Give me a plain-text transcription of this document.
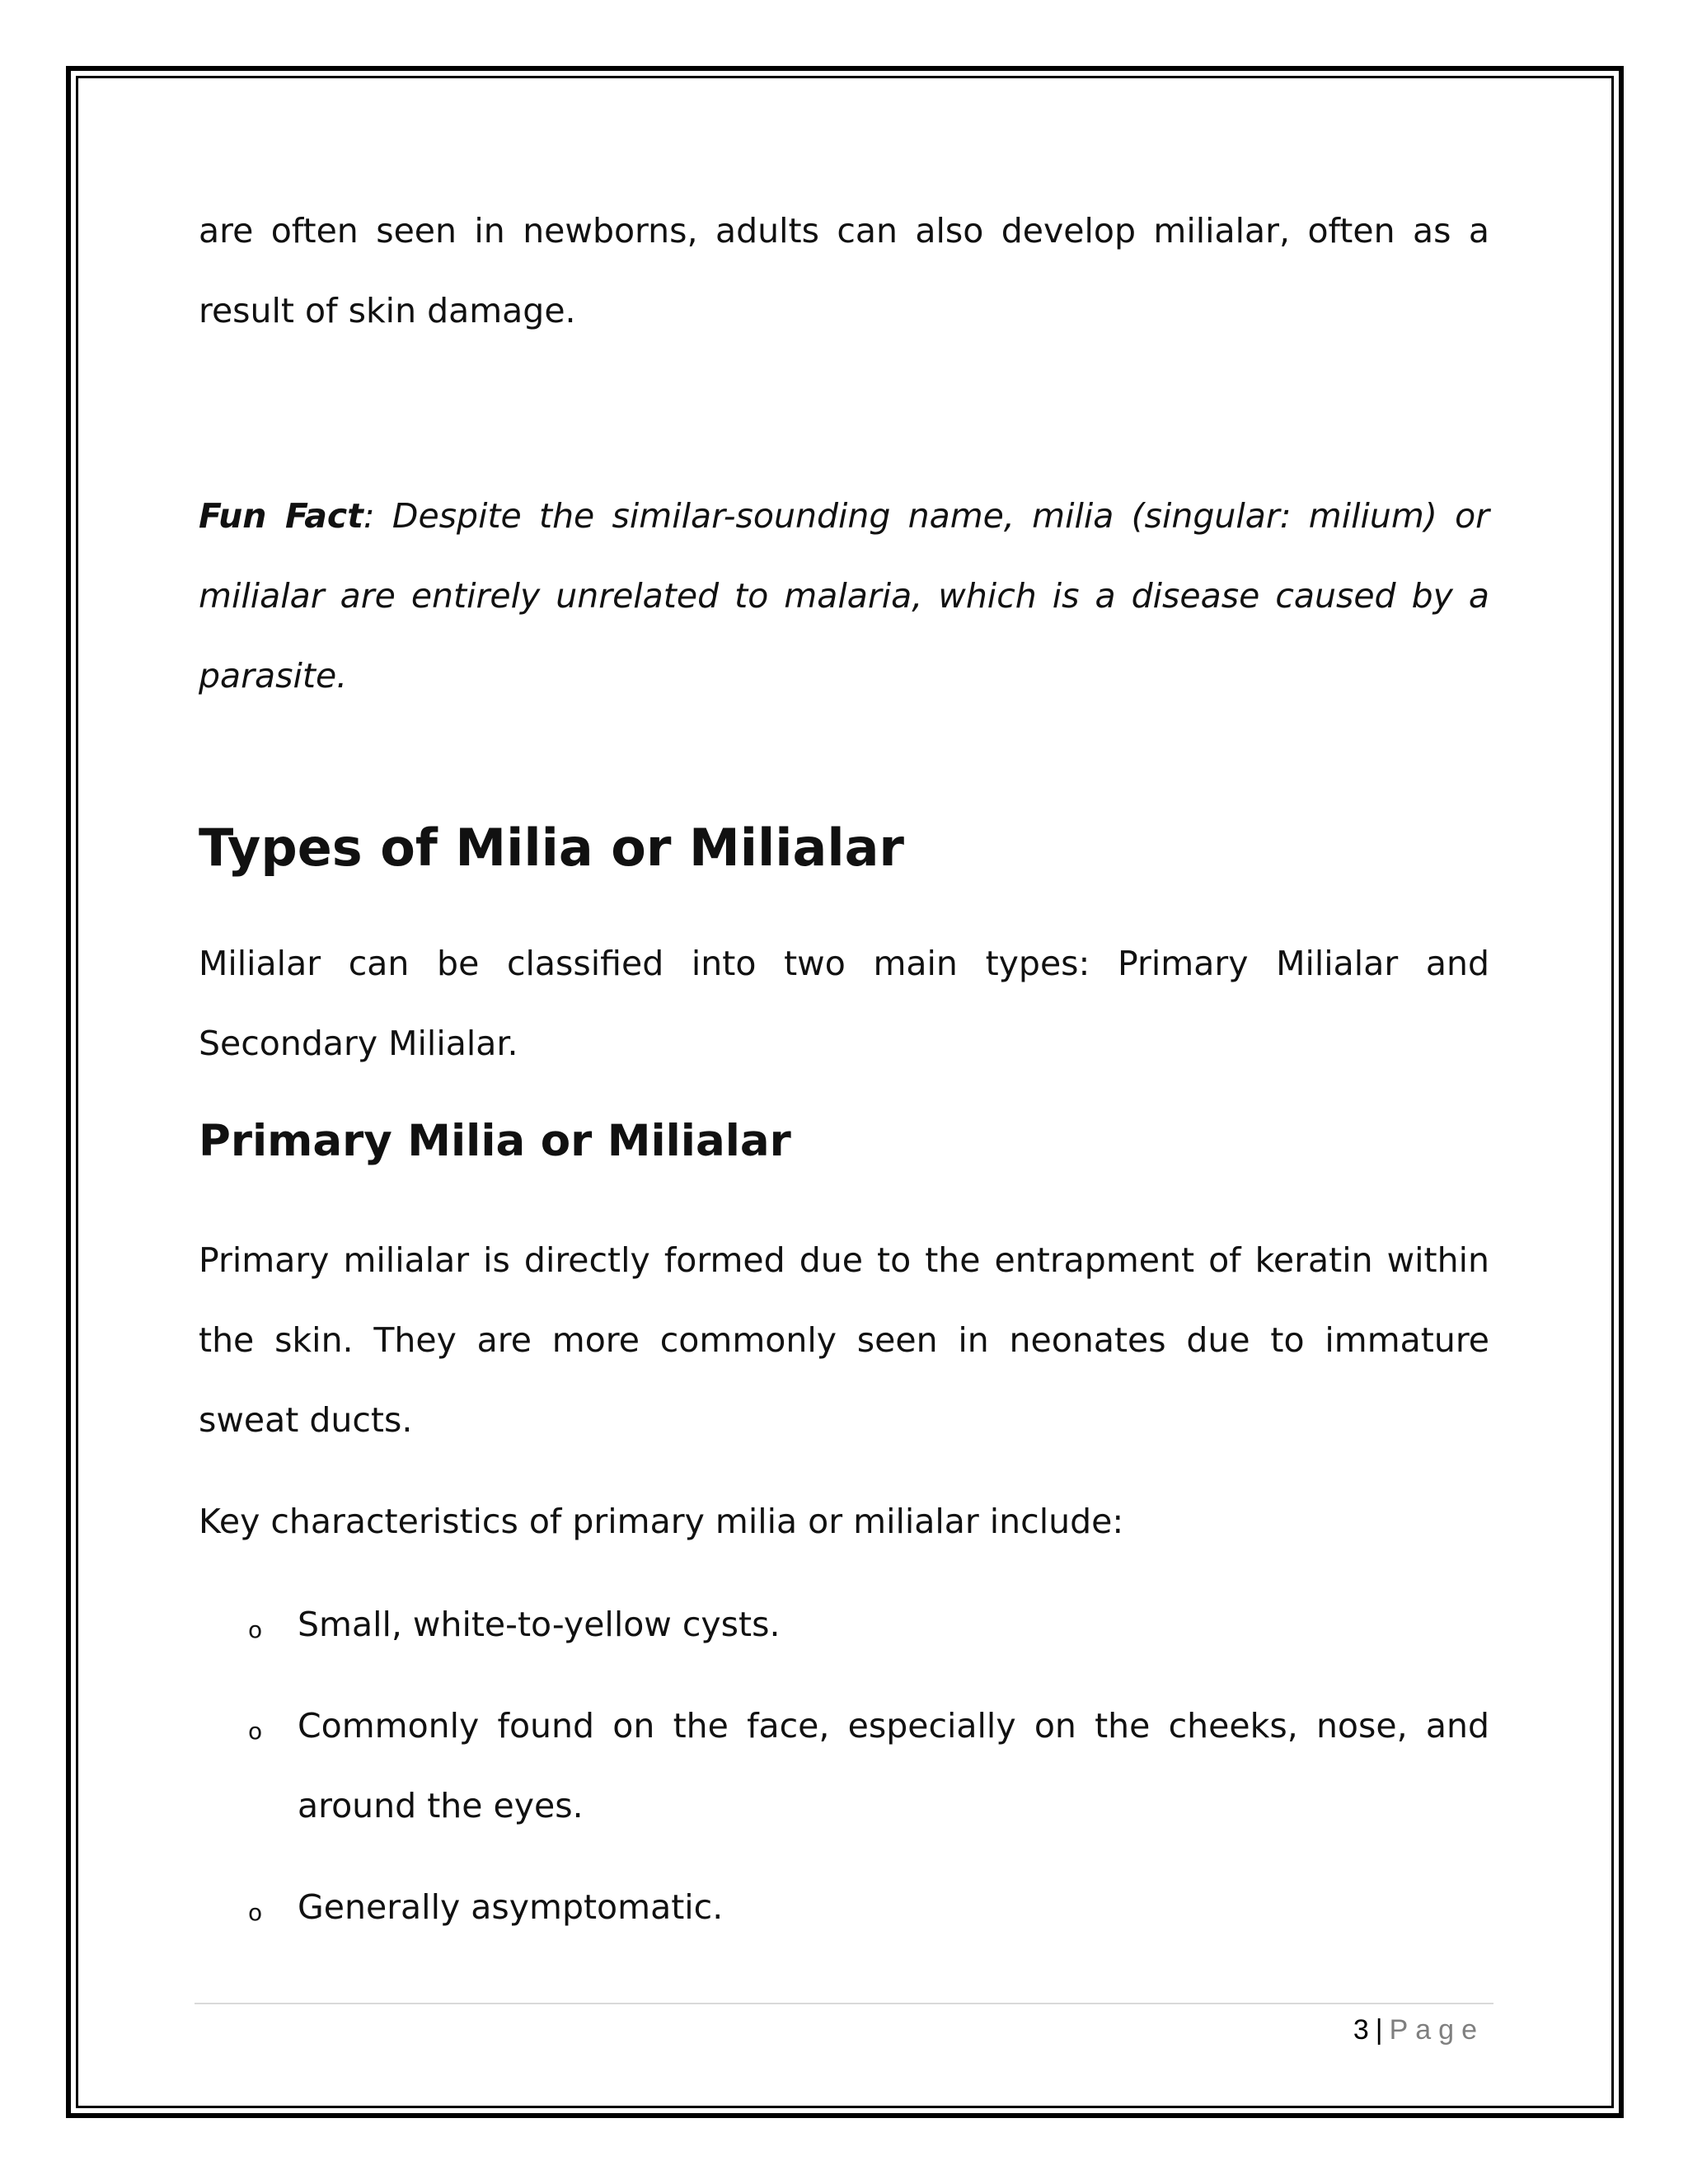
are often seen in newborns, adults can also develop milialar, often as a result of skin damage.

Fun Fact: Despite the similar-sounding name, milia (singular: milium) or milialar are entirely unrelated to malaria, which is a disease caused by a parasite.

Types of Milia or Milialar

Milialar can be classified into two main types: Primary Milialar and Secondary Milialar.

Primary Milia or Milialar

Primary milialar is directly formed due to the entrapment of keratin within the skin. They are more commonly seen in neonates due to immature sweat ducts.

Key characteristics of primary milia or milialar include:

o Small, white-to-yellow cysts.
o Commonly found on the face, especially on the cheeks, nose, and around the eyes.
o Generally asymptomatic.
3 | Page
